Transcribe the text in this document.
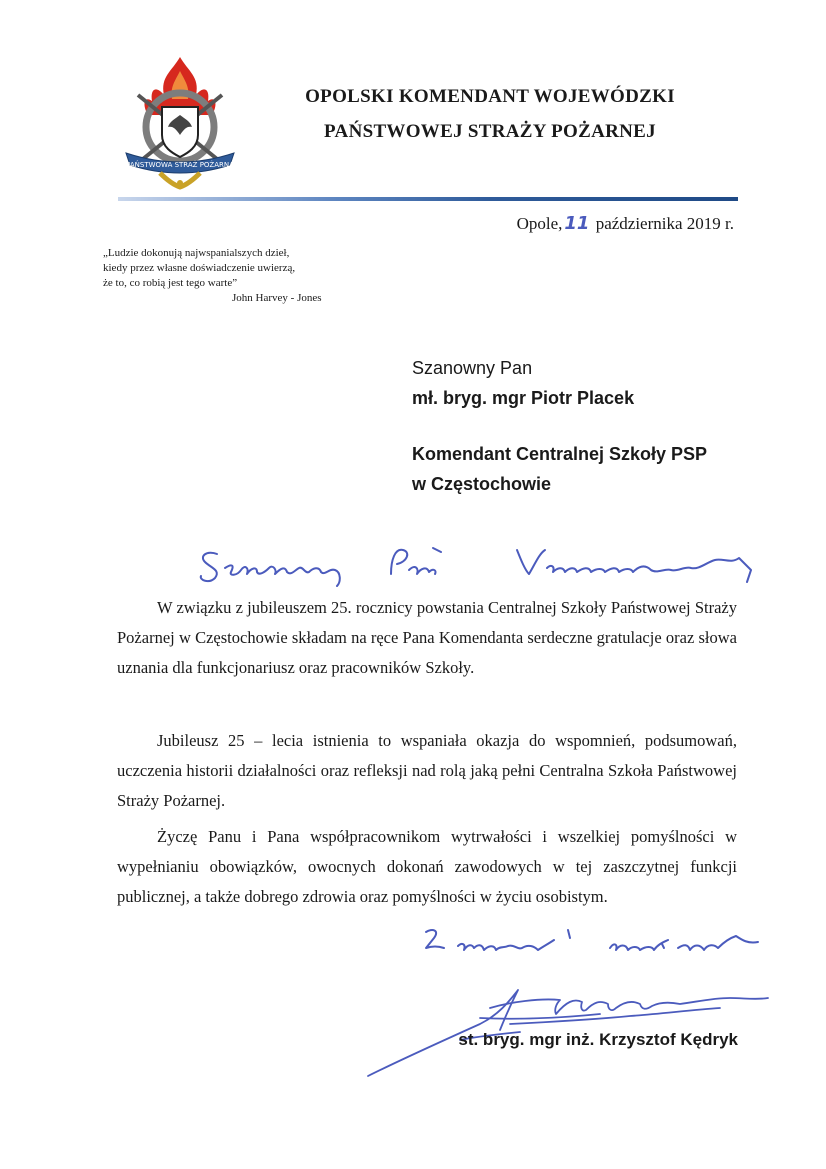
PAŃSTWOWA STRAŻ POŻARNA
OPOLSKI KOMENDANT WOJEWÓDZKI
PAŃSTWOWEJ STRAŻY POŻARNEJ
Opole, 11 października 2019 r.
„Ludzie dokonują najwspanialszych dzieł,
kiedy przez własne doświadczenie uwierzą,
że to, co robią jest tego warte”
John Harvey - Jones
Szanowny Pan
mł. bryg. mgr Piotr Placek
Komendant Centralnej Szkoły PSP
w Częstochowie
W związku z jubileuszem 25. rocznicy powstania Centralnej Szkoły Państwowej Straży Pożarnej w Częstochowie składam na ręce Pana Komendanta serdeczne gratulacje oraz słowa uznania dla funkcjonariusz oraz pracowników Szkoły.
Jubileusz 25 – lecia istnienia to wspaniała okazja do wspomnień, podsumowań, uczczenia historii działalności oraz refleksji nad rolą jaką pełni Centralna Szkoła Państwowej Straży Pożarnej.
Życzę Panu i Pana współpracownikom wytrwałości i wszelkiej pomyślności w wypełnianiu obowiązków, owocnych dokonań zawodowych w tej zaszczytnej funkcji publicznej, a także dobrego zdrowia oraz pomyślności w życiu osobistym.
st. bryg. mgr inż. Krzysztof Kędryk
